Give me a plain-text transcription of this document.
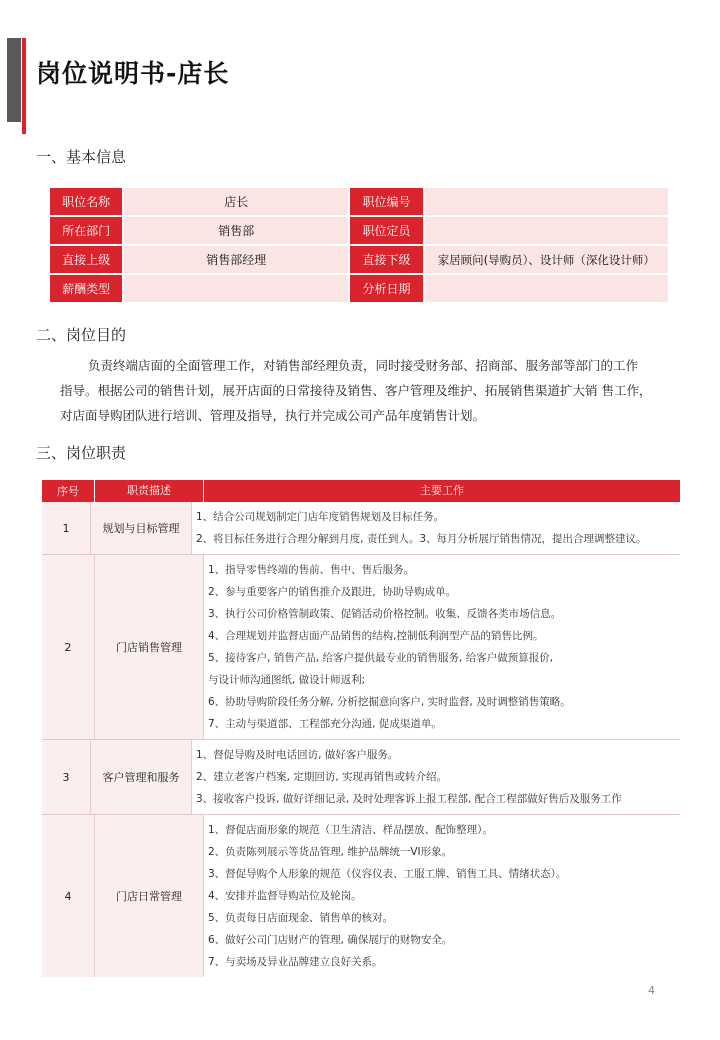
岗位说明书-店长
一、基本信息
职位名称	店长	职位编号	
所在部门	销售部	职位定员	
直接上级	销售部经理	直接下级	家居顾问(导购员）、设计师（深化设计师）
薪酬类型		分析日期	
二、岗位目的
负责终端店面的全面管理工作，对销售部经理负责，同时接受财务部、招商部、服务部等部门的工作
指导。根据公司的销售计划，展开店面的日常接待及销售、客户管理及维护、拓展销售渠道扩大销 售工作，
对店面导购团队进行培训、管理及指导，执行并完成公司产品年度销售计划。
三、岗位职责
序号	职责描述	主要工作
1	规划与目标管理
1、结合公司规划制定门店年度销售规划及目标任务。
2、将目标任务进行合理分解到月度, 责任到人。3、每月分析展厅销售情况，提出合理调整建议。
2	门店销售管理
1、指导零售终端的售前、售中、售后服务。
2、参与重要客户的销售推介及跟进，协助导购成单。
3、执行公司价格管制政策、促销活动价格控制。收集、反馈各类市场信息。
4、合理规划并监督店面产品销售的结构,控制低利润型产品的销售比例。
5、接待客户, 销售产品, 给客户提供最专业的销售服务, 给客户做预算报价,
与设计师沟通图纸, 做设计师返利;
6、协助导购阶段任务分解, 分析挖掘意向客户, 实时监督, 及时调整销售策略。
7、主动与渠道部、工程部充分沟通, 促成渠道单。
3	客户管理和服务
1、督促导购及时电话回访, 做好客户服务。
2、建立老客户档案, 定期回访, 实现再销售或转介绍。
3、接收客户投诉, 做好详细记录, 及时处理客诉上报工程部, 配合工程部做好售后及服务工作
4	门店日常管理
1、督促店面形象的规范（卫生清洁、样品摆放、配饰整理）。
2、负责陈列展示等货品管理, 维护品牌统一VI形象。
3、督促导购个人形象的规范（仪容仪表、工服工牌、销售工具、情绪状态）。
4、安排并监督导购站位及轮岗。
5、负责每日店面现金、销售单的核对。
6、做好公司门店财产的管理, 确保展厅的财物安全。
7、与卖场及异业品牌建立良好关系。
4
